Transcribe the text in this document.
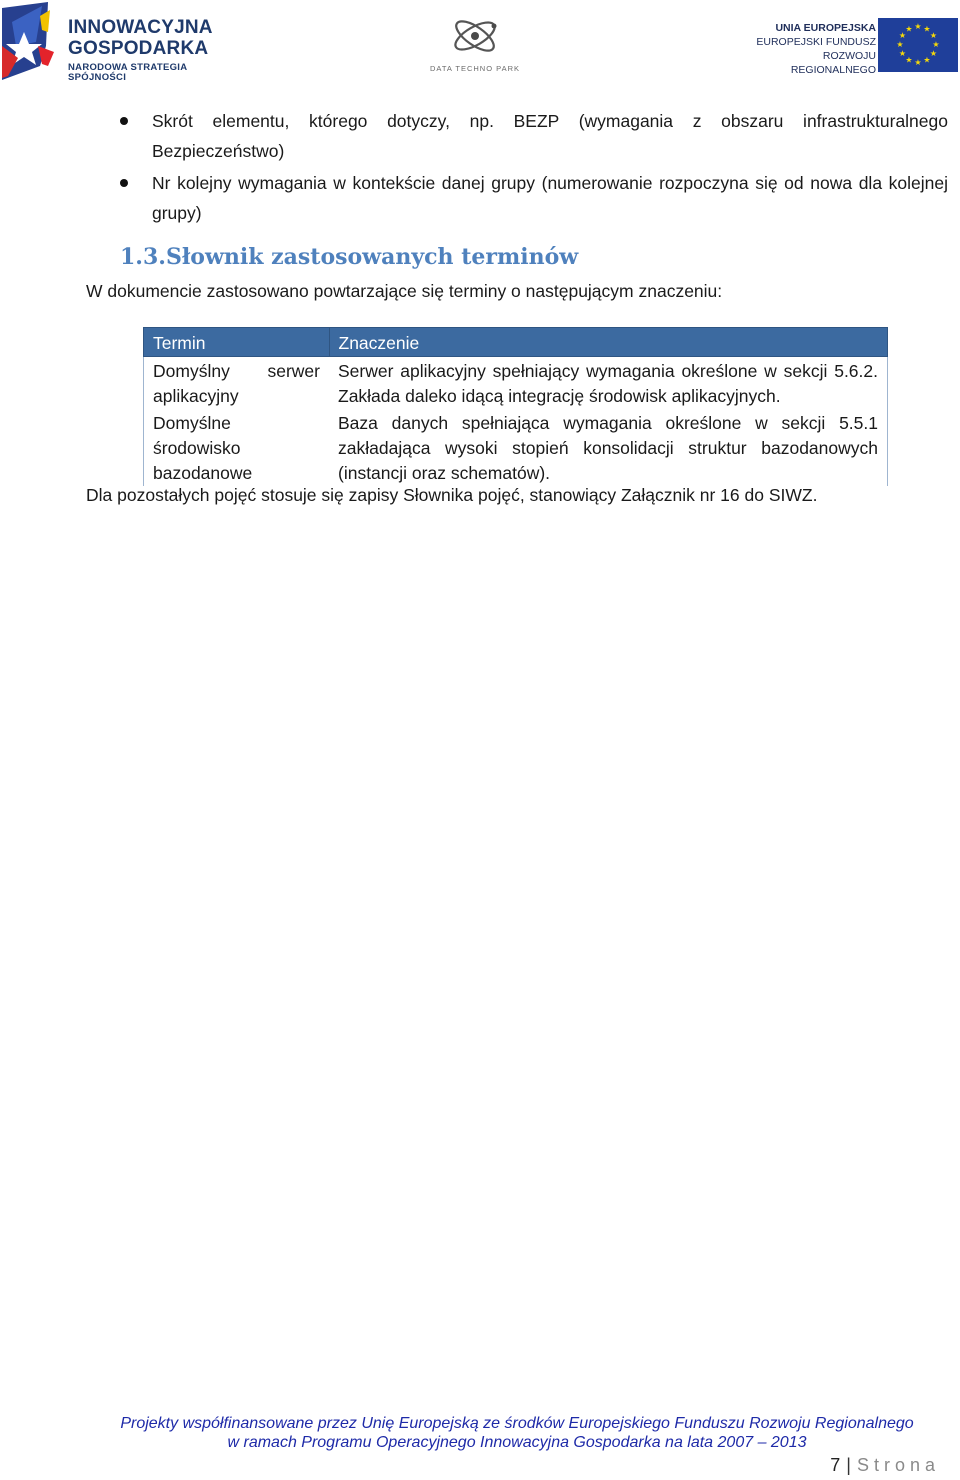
INNOWACYJNA
GOSPODARKA
NARODOWA STRATEGIA SPÓJNOŚCI
DATA TECHNO PARK
UNIA EUROPEJSKA
EUROPEJSKI FUNDUSZ
ROZWOJU REGIONALNEGO
★ ★
★
★
★
★
★
★
★
★
★
★
Skrót elementu, którego dotyczy, np. BEZP (wymagania z obszaru infrastrukturalnego Bezpieczeństwo)
Nr kolejny wymagania w kontekście danej grupy (numerowanie rozpoczyna się od nowa dla kolejnej grupy)
1.3.Słownik zastosowanych terminów

W dokumencie zastosowano powtarzające się terminy o następującym znaczeniu:

Termin	Znaczenie
Domyślny serwer aplikacyjny	Serwer aplikacyjny spełniający wymagania określone w sekcji 5.6.2. Zakłada daleko idącą integrację środowisk aplikacyjnych.
Domyślne środowisko bazodanowe	Baza danych spełniająca wymagania określone w sekcji 5.5.1 zakładająca wysoki stopień konsolidacji struktur bazodanowych (instancji oraz schematów).

Dla pozostałych pojęć stosuje się zapisy Słownika pojęć, stanowiący Załącznik nr 16 do SIWZ.

Projekty współfinansowane przez Unię Europejską ze środków Europejskiego Funduszu Rozwoju Regionalnego
w ramach Programu Operacyjnego Innowacyjna Gospodarka na lata 2007 – 2013
7 | Strona
